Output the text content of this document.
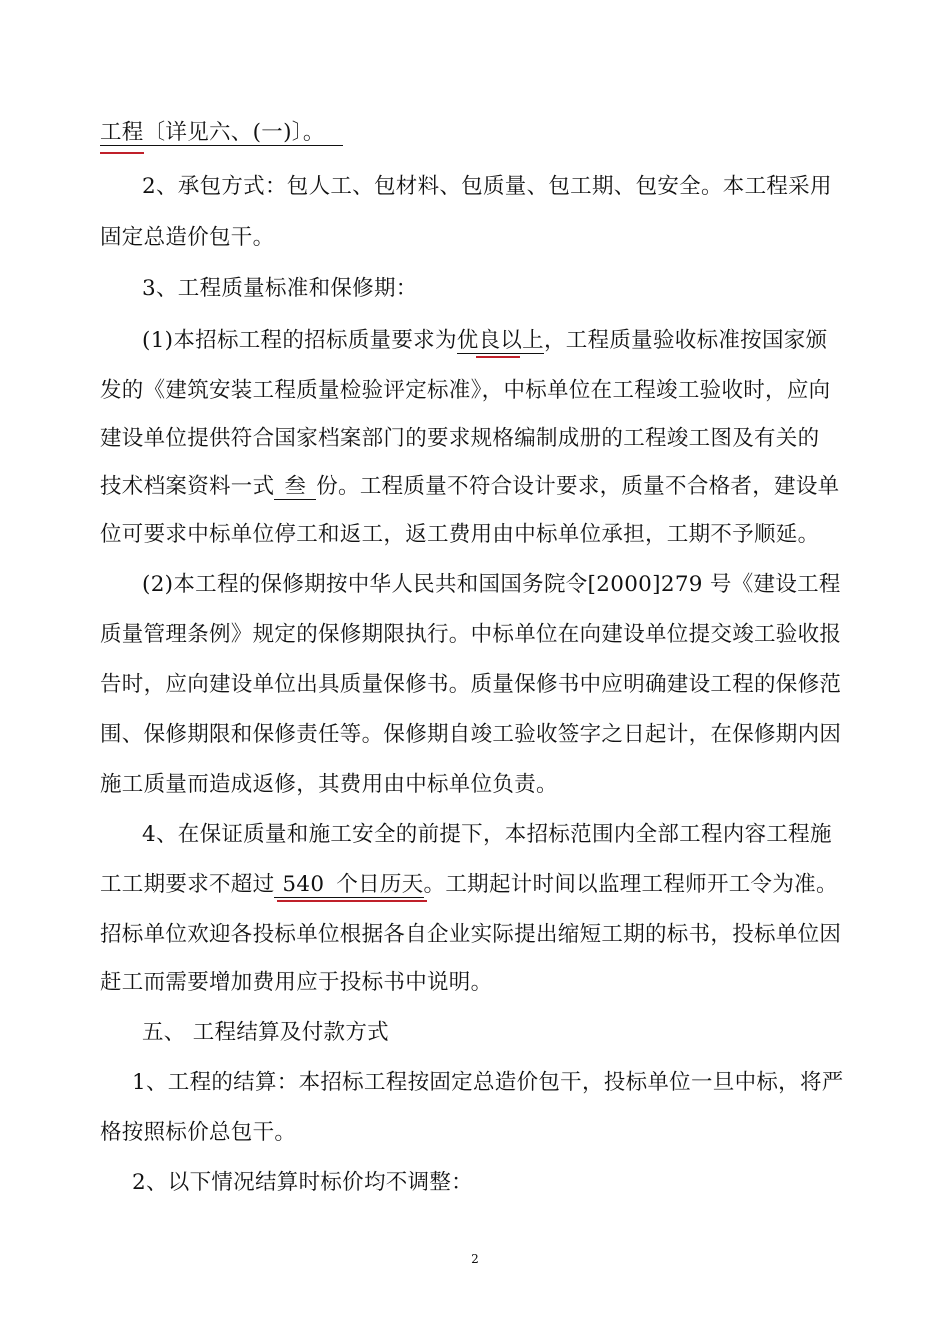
工程〔详见六、(一)〕。
2、承包方式：包人工、包材料、包质量、包工期、包安全。本工程采用
固定总造价包干。
3、工程质量标准和保修期：
(1)本招标工程的招标质量要求为优良以上，工程质量验收标准按国家颁
发的《建筑安装工程质量检验评定标准》，中标单位在工程竣工验收时，应向
建设单位提供符合国家档案部门的要求规格编制成册的工程竣工图及有关的
技术档案资料一式 叁 份。工程质量不符合设计要求，质量不合格者，建设单
位可要求中标单位停工和返工，返工费用由中标单位承担，工期不予顺延。
(2)本工程的保修期按中华人民共和国国务院令[2000]279 号《建设工程
质量管理条例》规定的保修期限执行。中标单位在向建设单位提交竣工验收报
告时，应向建设单位出具质量保修书。质量保修书中应明确建设工程的保修范
围、保修期限和保修责任等。保修期自竣工验收签字之日起计，在保修期内因
施工质量而造成返修，其费用由中标单位负责。
4、在保证质量和施工安全的前提下，本招标范围内全部工程内容工程施
工工期要求不超过 540 个日历天。工期起计时间以监理工程师开工令为准。
招标单位欢迎各投标单位根据各自企业实际提出缩短工期的标书，投标单位因
赶工而需要增加费用应于投标书中说明。
五、 工程结算及付款方式
1、工程的结算：本招标工程按固定总造价包干，投标单位一旦中标，将严
格按照标价总包干。
2、以下情况结算时标价均不调整：
2
